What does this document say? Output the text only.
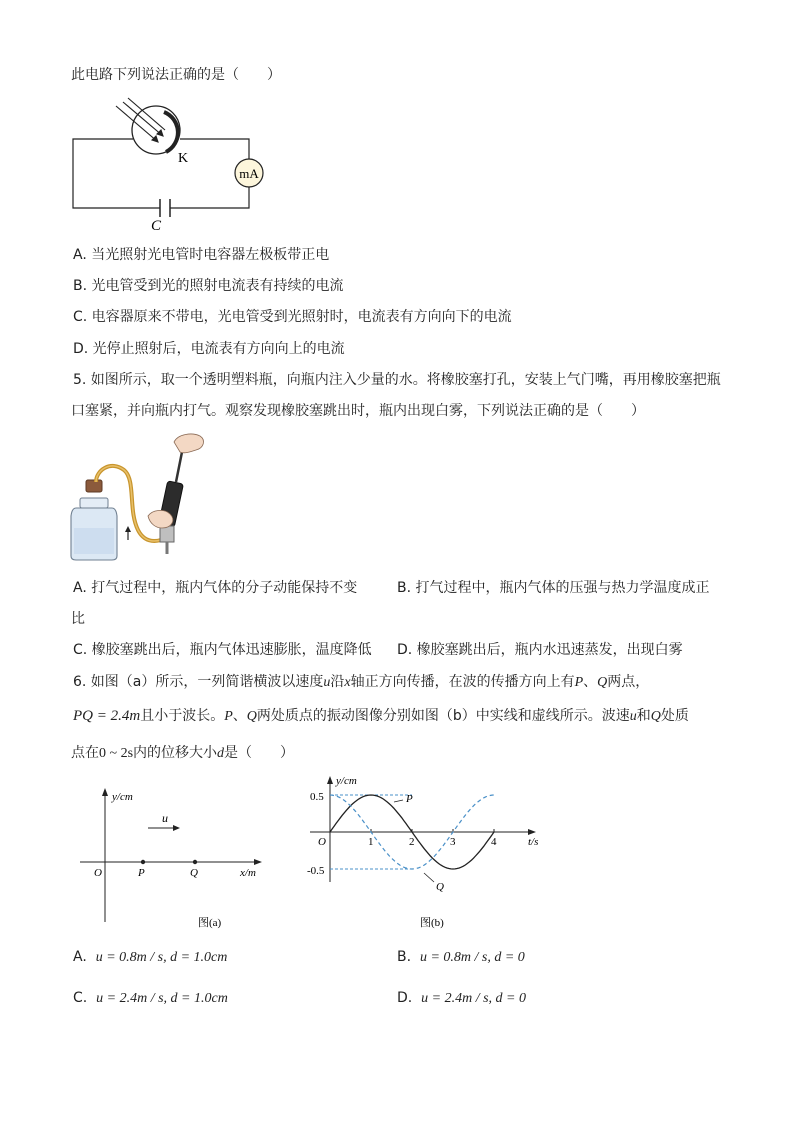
此电路下列说法正确的是（　　）
K
mA
C
A. 当光照射光电管时电容器左极板带正电
B. 光电管受到光的照射电流表有持续的电流
C. 电容器原来不带电，光电管受到光照射时，电流表有方向向下的电流
D. 光停止照射后，电流表有方向向上的电流
5. 如图所示，取一个透明塑料瓶，向瓶内注入少量的水。将橡胶塞打孔，安装上气门嘴，再用橡胶塞把瓶
口塞紧，并向瓶内打气。观察发现橡胶塞跳出时，瓶内出现白雾，下列说法正确的是（　　）
A. 打气过程中，瓶内气体的分子动能保持不变	B. 打气过程中，瓶内气体的压强与热力学温度成正
比
C. 橡胶塞跳出后，瓶内气体迅速膨胀，温度降低 D. 橡胶塞跳出后，瓶内水迅速蒸发，出现白雾
6. 如图（a）所示，一列简谐横波以速度u沿x轴正方向传播，在波的传播方向上有P、Q两点，
PQ = 2.4m且小于波长。P、Q两处质点的振动图像分别如图（b）中实线和虚线所示。波速u和Q处质
点在0 ~ 2s内的位移大小d是（　　）
y/cm
u
O	P	Q	x/m
图(a)
y/cm
O
0.5
-0.5
t/s
1	2	3	4
P
Q
图(b)
A. u = 0.8m / s, d = 1.0cm	B. u = 0.8m / s, d = 0
C. u = 2.4m / s, d = 1.0cm	D. u = 2.4m / s, d = 0
